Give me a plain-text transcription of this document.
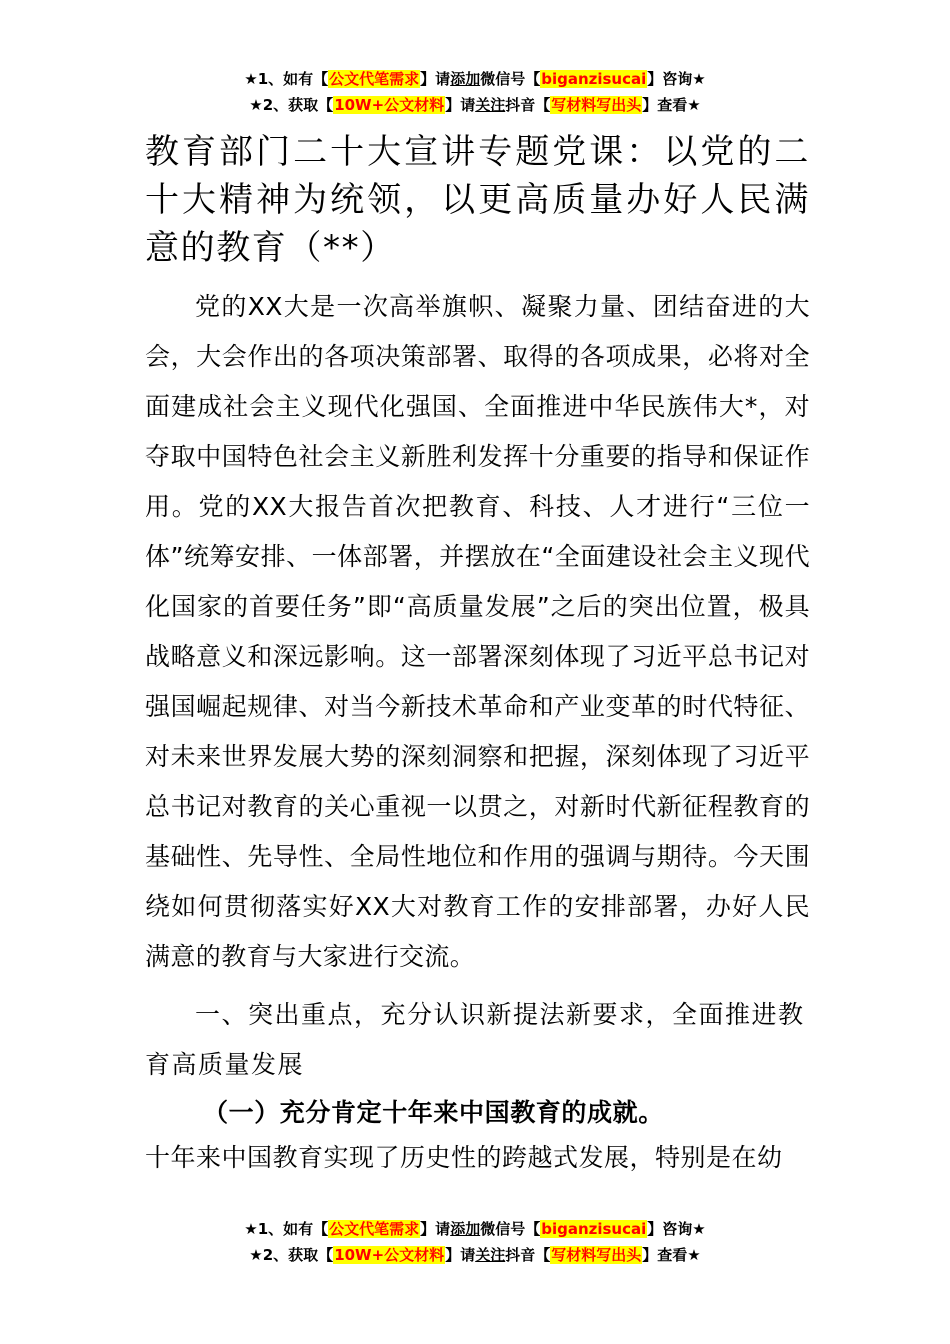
★1、如有【公文代笔需求】请添加微信号【biganzisucai】咨询★
★2、获取【10W+公文材料】请关注抖音【写材料写出头】查看★
教育部门二十大宣讲专题党课：以党的二十大精神为统领，以更高质量办好人民满意的教育（**）

党的XX大是一次高举旗帜、凝聚力量、团结奋进的大会，大会作出的各项决策部署、取得的各项成果，必将对全面建成社会主义现代化强国、全面推进中华民族伟大*，对夺取中国特色社会主义新胜利发挥十分重要的指导和保证作用。党的XX大报告首次把教育、科技、人才进行“三位一体”统筹安排、一体部署，并摆放在“全面建设社会主义现代化国家的首要任务”即“高质量发展”之后的突出位置，极具战略意义和深远影响。这一部署深刻体现了习近平总书记对强国崛起规律、对当今新技术革命和产业变革的时代特征、对未来世界发展大势的深刻洞察和把握，深刻体现了习近平总书记对教育的关心重视一以贯之，对新时代新征程教育的基础性、先导性、全局性地位和作用的强调与期待。今天围绕如何贯彻落实好XX大对教育工作的安排部署，办好人民满意的教育与大家进行交流。

一、突出重点，充分认识新提法新要求，全面推进教育高质量发展

（一）充分肯定十年来中国教育的成就。

十年来中国教育实现了历史性的跨越式发展，特别是在幼

★1、如有【公文代笔需求】请添加微信号【biganzisucai】咨询★
★2、获取【10W+公文材料】请关注抖音【写材料写出头】查看★
